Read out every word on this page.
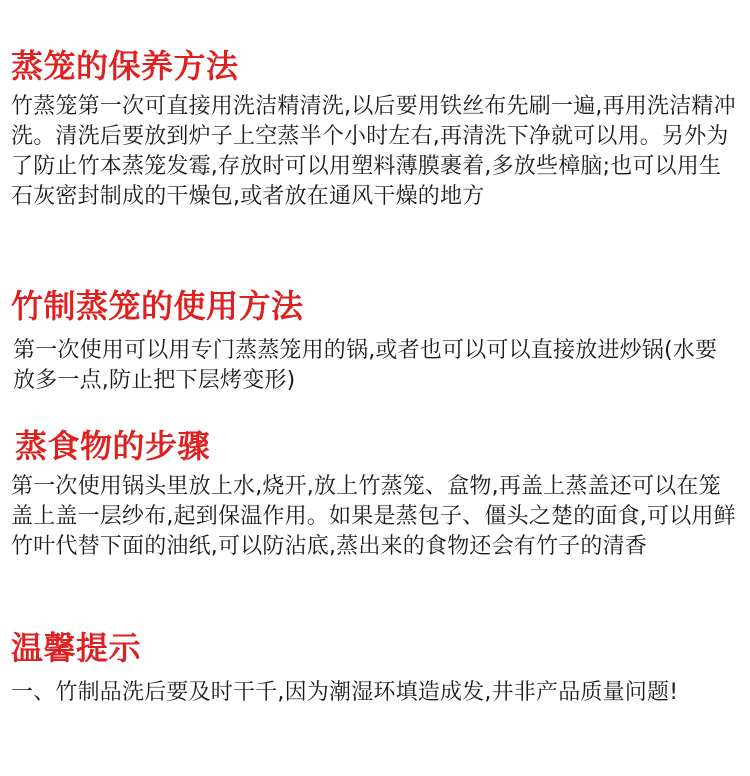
蒸笼的保养方法

竹蒸笼第一次可直接用洗洁精清洗,以后要用铁丝布先刷一遍,再用洗洁精冲洗。清洗后要放到炉子上空蒸半个小时左右,再清洗下净就可以用。另外为了防止竹本蒸笼发霉,存放时可以用塑料薄膜裹着,多放些樟脑;也可以用生石灰密封制成的干燥包,或者放在通风干燥的地方

竹制蒸笼的使用方法

第一次使用可以用专门蒸蒸笼用的锅,或者也可以可以直接放进炒锅(水要放多一点,防止把下层烤变形)

蒸食物的步骤

第一次使用锅头里放上水,烧开,放上竹蒸笼、盒物,再盖上蒸盖还可以在笼盖上盖一层纱布,起到保温作用。如果是蒸包子、僵头之楚的面食,可以用鲜竹叶代替下面的油纸,可以防沾底,蒸出来的食物还会有竹子的清香

温馨提示

一、竹制品洗后要及时干千,因为潮湿环填造成发,井非产品质量问题!
